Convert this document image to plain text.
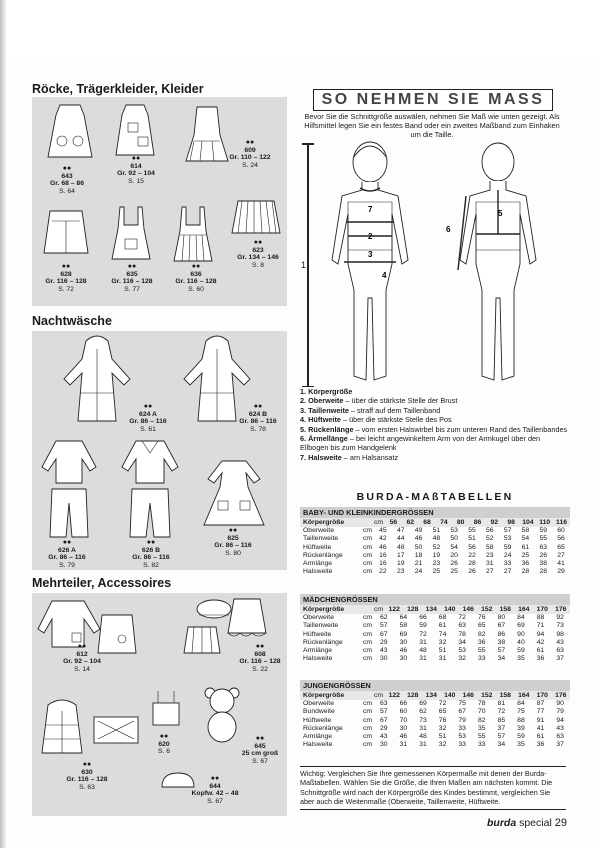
Röcke, Trägerkleider, Kleider
●●
643
Gr. 68 – 86
S. 64
●●
614
Gr. 92 – 104
S. 15
●●
609
Gr. 110 – 122
S. 24
●●
623
Gr. 134 – 146
S. 8
●●
628
Gr. 116 – 128
S. 72
●●
635
Gr. 116 – 128
S. 77
●●
636
Gr. 116 – 128
S. 60
Nachtwäsche
●●
624 A
Gr. 86 – 116
S. 61
●●
624 B
Gr. 86 – 116
S. 78
●●
626 A
Gr. 86 – 116
S. 79
●●
626 B
Gr. 86 – 116
S. 82
●●
625
Gr. 86 – 116
S. 80
Mehrteiler, Accessoires
●●
608
Gr. 116 – 128
S. 22
●●
612
Gr. 92 – 104
S. 14
●●
620
S. 6
●●
645
25 cm groß
S. 67
●●
630
Gr. 116 – 128
S. 63
●●
644
Kopfw. 42 – 48
S. 67
SO NEHMEN SIE MASS
Bevor Sie die Schnittgröße auswälen, nehmen Sie Maß wie unten gezeigt. Als Hilfsmittel legen Sie ein festes Band oder ein zweites Maßband zum Einhaken um die Taille.
1
7
2
3
4
5
6
1. Körpergröße
2. Oberweite – über die stärkste Stelle der Brust
3. Taillenweite – straff auf dem Taillenband
4. Hüftweite – über die stärkste Stelle des Pos
5. Rückenlänge – vom ersten Halswirbel bis zum unteren Rand des Taillenbandes
6. Ärmellänge – bei leicht angewinkeltem Arm von der Armkugel über den Ellbogen bis zum Handgelenk
7. Halsweite – am Halsansatz
BURDA-MAßTABELLEN
BABY- UND KLEINKINDERGRÖSSEN
Körpergröße	cm 56	62	68	74	80	86	92	98	104 110 116
Oberweite	cm	45	47	49	51	53	55	56	57	58	59	60
Taillenweite	cm	42	44	46	48	50	51	52	53	54	55	56
Hüftweite	cm	46	48	50	52	54	56	58	59	61	63	65
Rückenlänge	cm	16	17	18	19	20	22	23	24	25	26	27
Armlänge	cm	16	19	21	23	26	28	31	33	36	38	41
Halsweite	cm	22	23	24	25	25	26	27	27	28	28	29
MÄDCHENGRÖSSEN
Körpergröße	cm 122	128	134	140	146	152	158	164	170	176
Oberweite	cm	62	64	66	68	72	76	80	84	88	92
Taillenweite	cm	57	58	59	61	63	65	67	69	71	73
Hüftweite	cm	67	69	72	74	78	82	86	90	94	98
Rückenlänge	cm	29	30	31	32	34	36	38	40	42	43
Armlänge	cm	43	46	48	51	53	55	57	59	61	63
Halsweite	cm	30	30	31	31	32	33	34	35	36	37
JUNGENGRÖSSEN
Körpergröße	cm 122	128	134	140	146	152	158	164	170	176
Oberweite	cm	63	66	69	72	75	78	81	84	87	90
Bundweite	cm	57	60	62	65	67	70	72	75	77	79
Hüftweite	cm	67	70	73	76	79	82	85	88	91	94
Rückenlänge	cm	29	30	31	32	33	35	37	39	41	43
Armlänge	cm	43	46	48	51	53	55	57	59	61	63
Halsweite	cm	30	31	31	32	33	33	34	35	36	37
Wichtig: Vergleichen Sie Ihre gemessenen Körpermaße mit denen der Burda-Maßtabellen. Wählen Sie die Größe, die Ihren Maßen am nächsten kommt. Die Schnittgröße wird nach der Körpergröße des Kindes bestimmt, vergleichen Sie aber auch die Weitenmaße (Oberweite, Taillenweite, Hüftweite.
burda special 29
